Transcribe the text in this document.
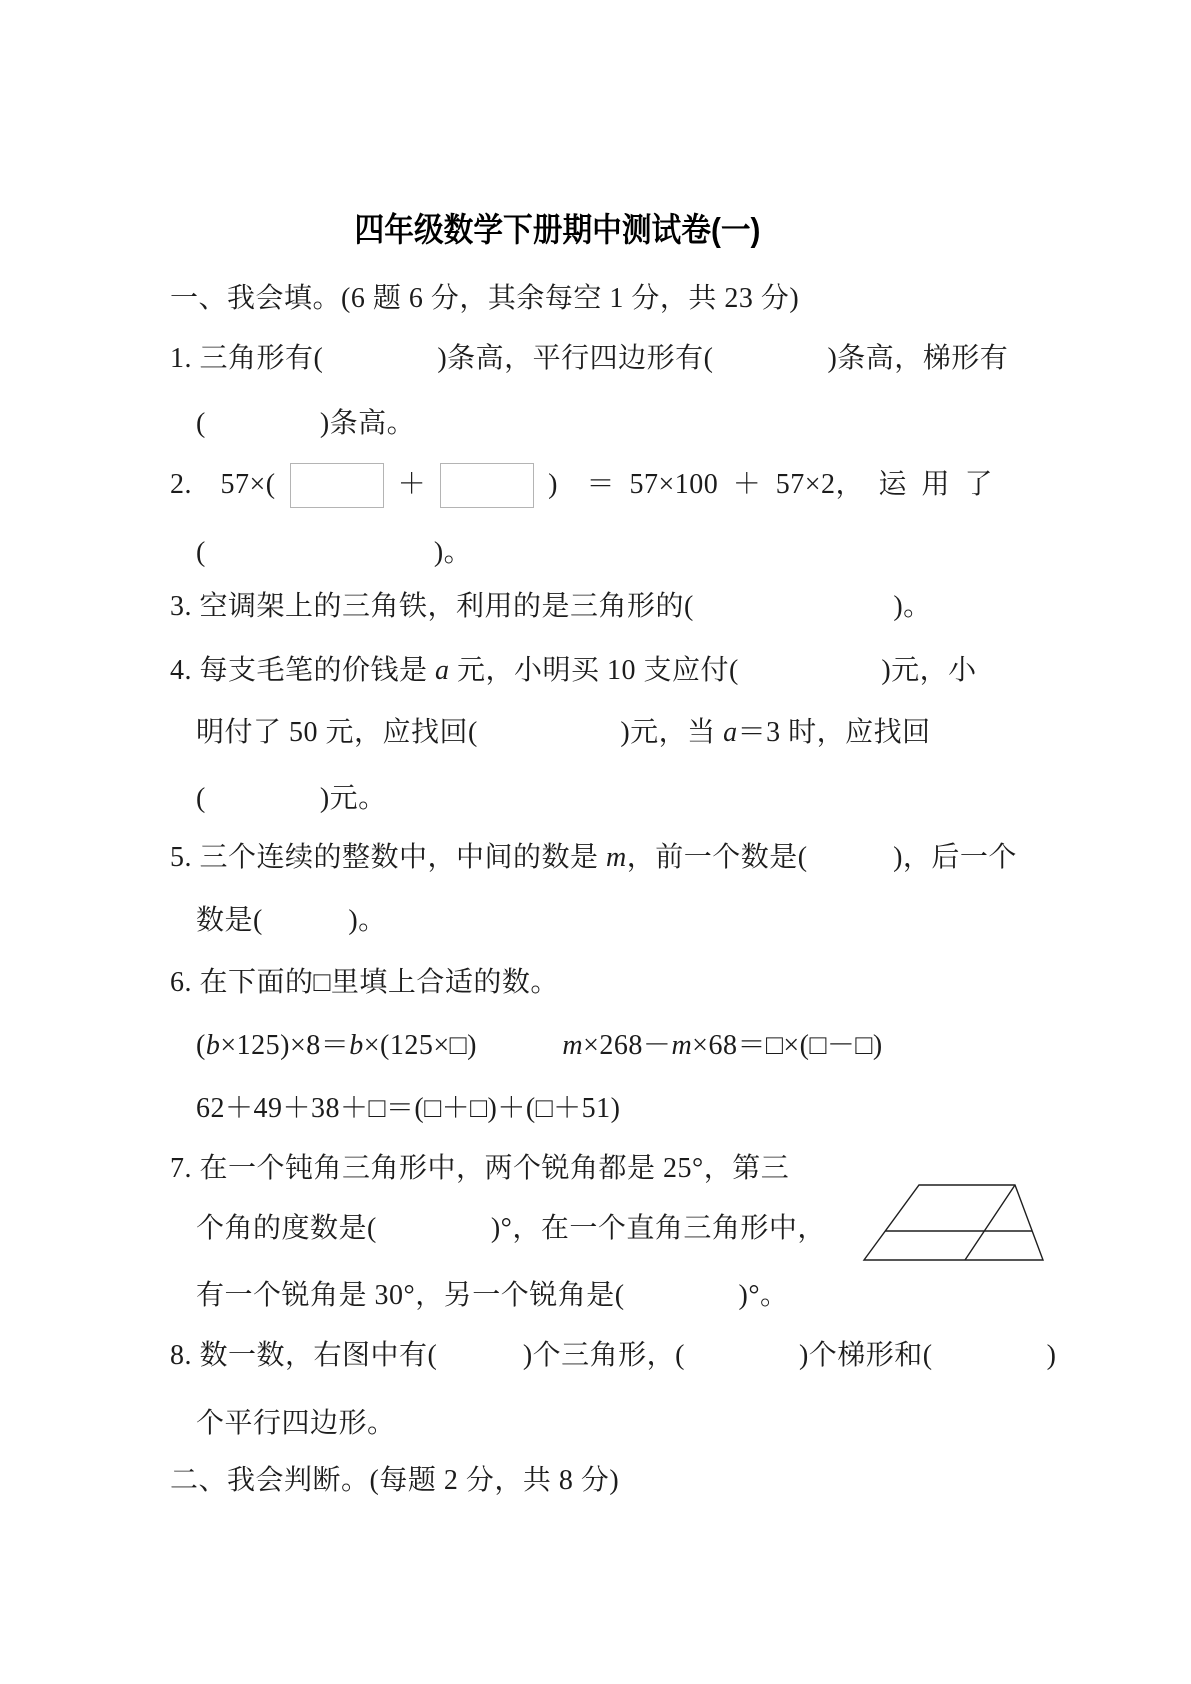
四年级数学下册期中测试卷(一)
一、我会填。(6 题 6 分，其余每空 1 分，共 23 分)
1. 三角形有(　　　　)条高，平行四边形有(　　　　)条高，梯形有
(　　　　)条高。
2.　57×(	＋	)　＝ 57×100 ＋ 57×2，　运 用 了
(　　　　　　　　)。
3. 空调架上的三角铁，利用的是三角形的(　　　　　　　)。
4. 每支毛笔的价钱是 a 元，小明买 10 支应付(　　　　　)元，小
明付了 50 元，应找回(　　　　　)元，当 a＝3 时，应找回
(　　　　)元。
5. 三个连续的整数中，中间的数是 m，前一个数是(　　　)，后一个
数是(　　　)。
6. 在下面的□里填上合适的数。
(b×125)×8＝b×(125×□)　　　m×268－m×68＝□×(□－□)
62＋49＋38＋□＝(□＋□)＋(□＋51)
7. 在一个钝角三角形中，两个锐角都是 25°，第三
个角的度数是(　　　　)°，在一个直角三角形中，
有一个锐角是 30°，另一个锐角是(　　　　)°。
8. 数一数，右图中有(　　　)个三角形，(　　　　)个梯形和(　　　　)
个平行四边形。
二、我会判断。(每题 2 分，共 8 分)
